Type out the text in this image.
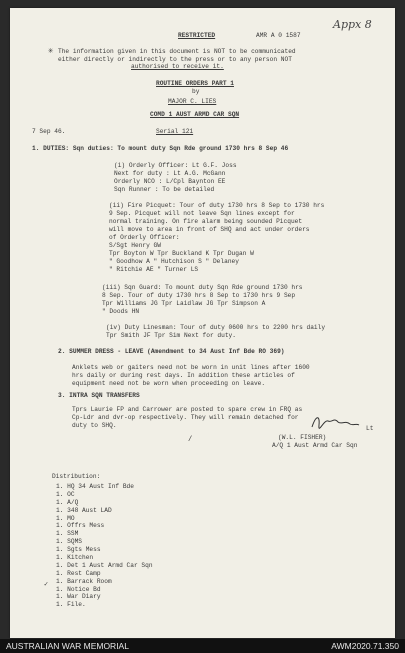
Appx 8
RESTRICTED	AMR A 0 1587
✳ The information given in this document is NOT to be communicated
either directly or indirectly to the press or to any person NOT
authorised to receive it.
ROUTINE ORDERS PART 1
by
MAJOR C. LIES
COMD 1 AUST ARMD CAR SQN
7 Sep 46.	Serial 121
1. DUTIES: Sqn duties: To mount duty Sqn Rde ground 1730 hrs 8 Sep 46
(i) Orderly Officer: Lt G.F. Joss
Next for duty : Lt A.G. McGann
Orderly NCO : L/Cpl Baynton EE
Sqn Runner : To be detailed
(ii) Fire Picquet: Tour of duty 1730 hrs 8 Sep to 1730 hrs
9 Sep. Picquet will not leave Sqn lines except for
normal training. On fire alarm being sounded Picquet
will move to area in front of SHQ and act under orders
of Orderly Officer:
S/Sgt Henry GW
Tpr Boyton W Tpr Buckland K Tpr Dugan W
" Goodhow A " Hutchison S " Delaney
" Ritchie AE " Turner LS
(iii) Sqn Guard: To mount duty Sqn Rde ground 1730 hrs
8 Sep. Tour of duty 1730 hrs 8 Sep to 1730 hrs 9 Sep
Tpr Williams JG Tpr Laidlaw JG Tpr Simpson A
" Doods HN
(iv) Duty Linesman: Tour of duty 0600 hrs to 2200 hrs daily
Tpr Smith JF Tpr Sim Next for duty.
2. SUMMER DRESS - LEAVE (Amendment to 34 Aust Inf Bde RO 369)
Anklets web or gaiters need not be worn in unit lines after 1600
hrs daily or during rest days. In addition these articles of
equipment need not be worn when proceeding on leave.
3. INTRA SQN TRANSFERS
Tprs Laurie FP and Carrower are posted to spare crew in FRQ as
Cp-Ldr and dvr-op respectively. They will remain detached for
duty to SHQ.
/
Lt
(W.L. FISHER)
A/Q 1 Aust Armd Car Sqn
Distribution:
1. HQ 34 Aust Inf Bde
1. OC
1. A/Q
1. 348 Aust LAD
1. MO
1. Offrs Mess
1. SSM
1. SQMS
1. Sgts Mess
1. Kitchen
1. Det 1 Aust Armd Car Sqn
1. Rest Camp
1. Barrack Room
1. Notice Bd
1. War Diary
1. File.
✓
AUSTRALIAN WAR MEMORIAL	AWM2020.71.350
